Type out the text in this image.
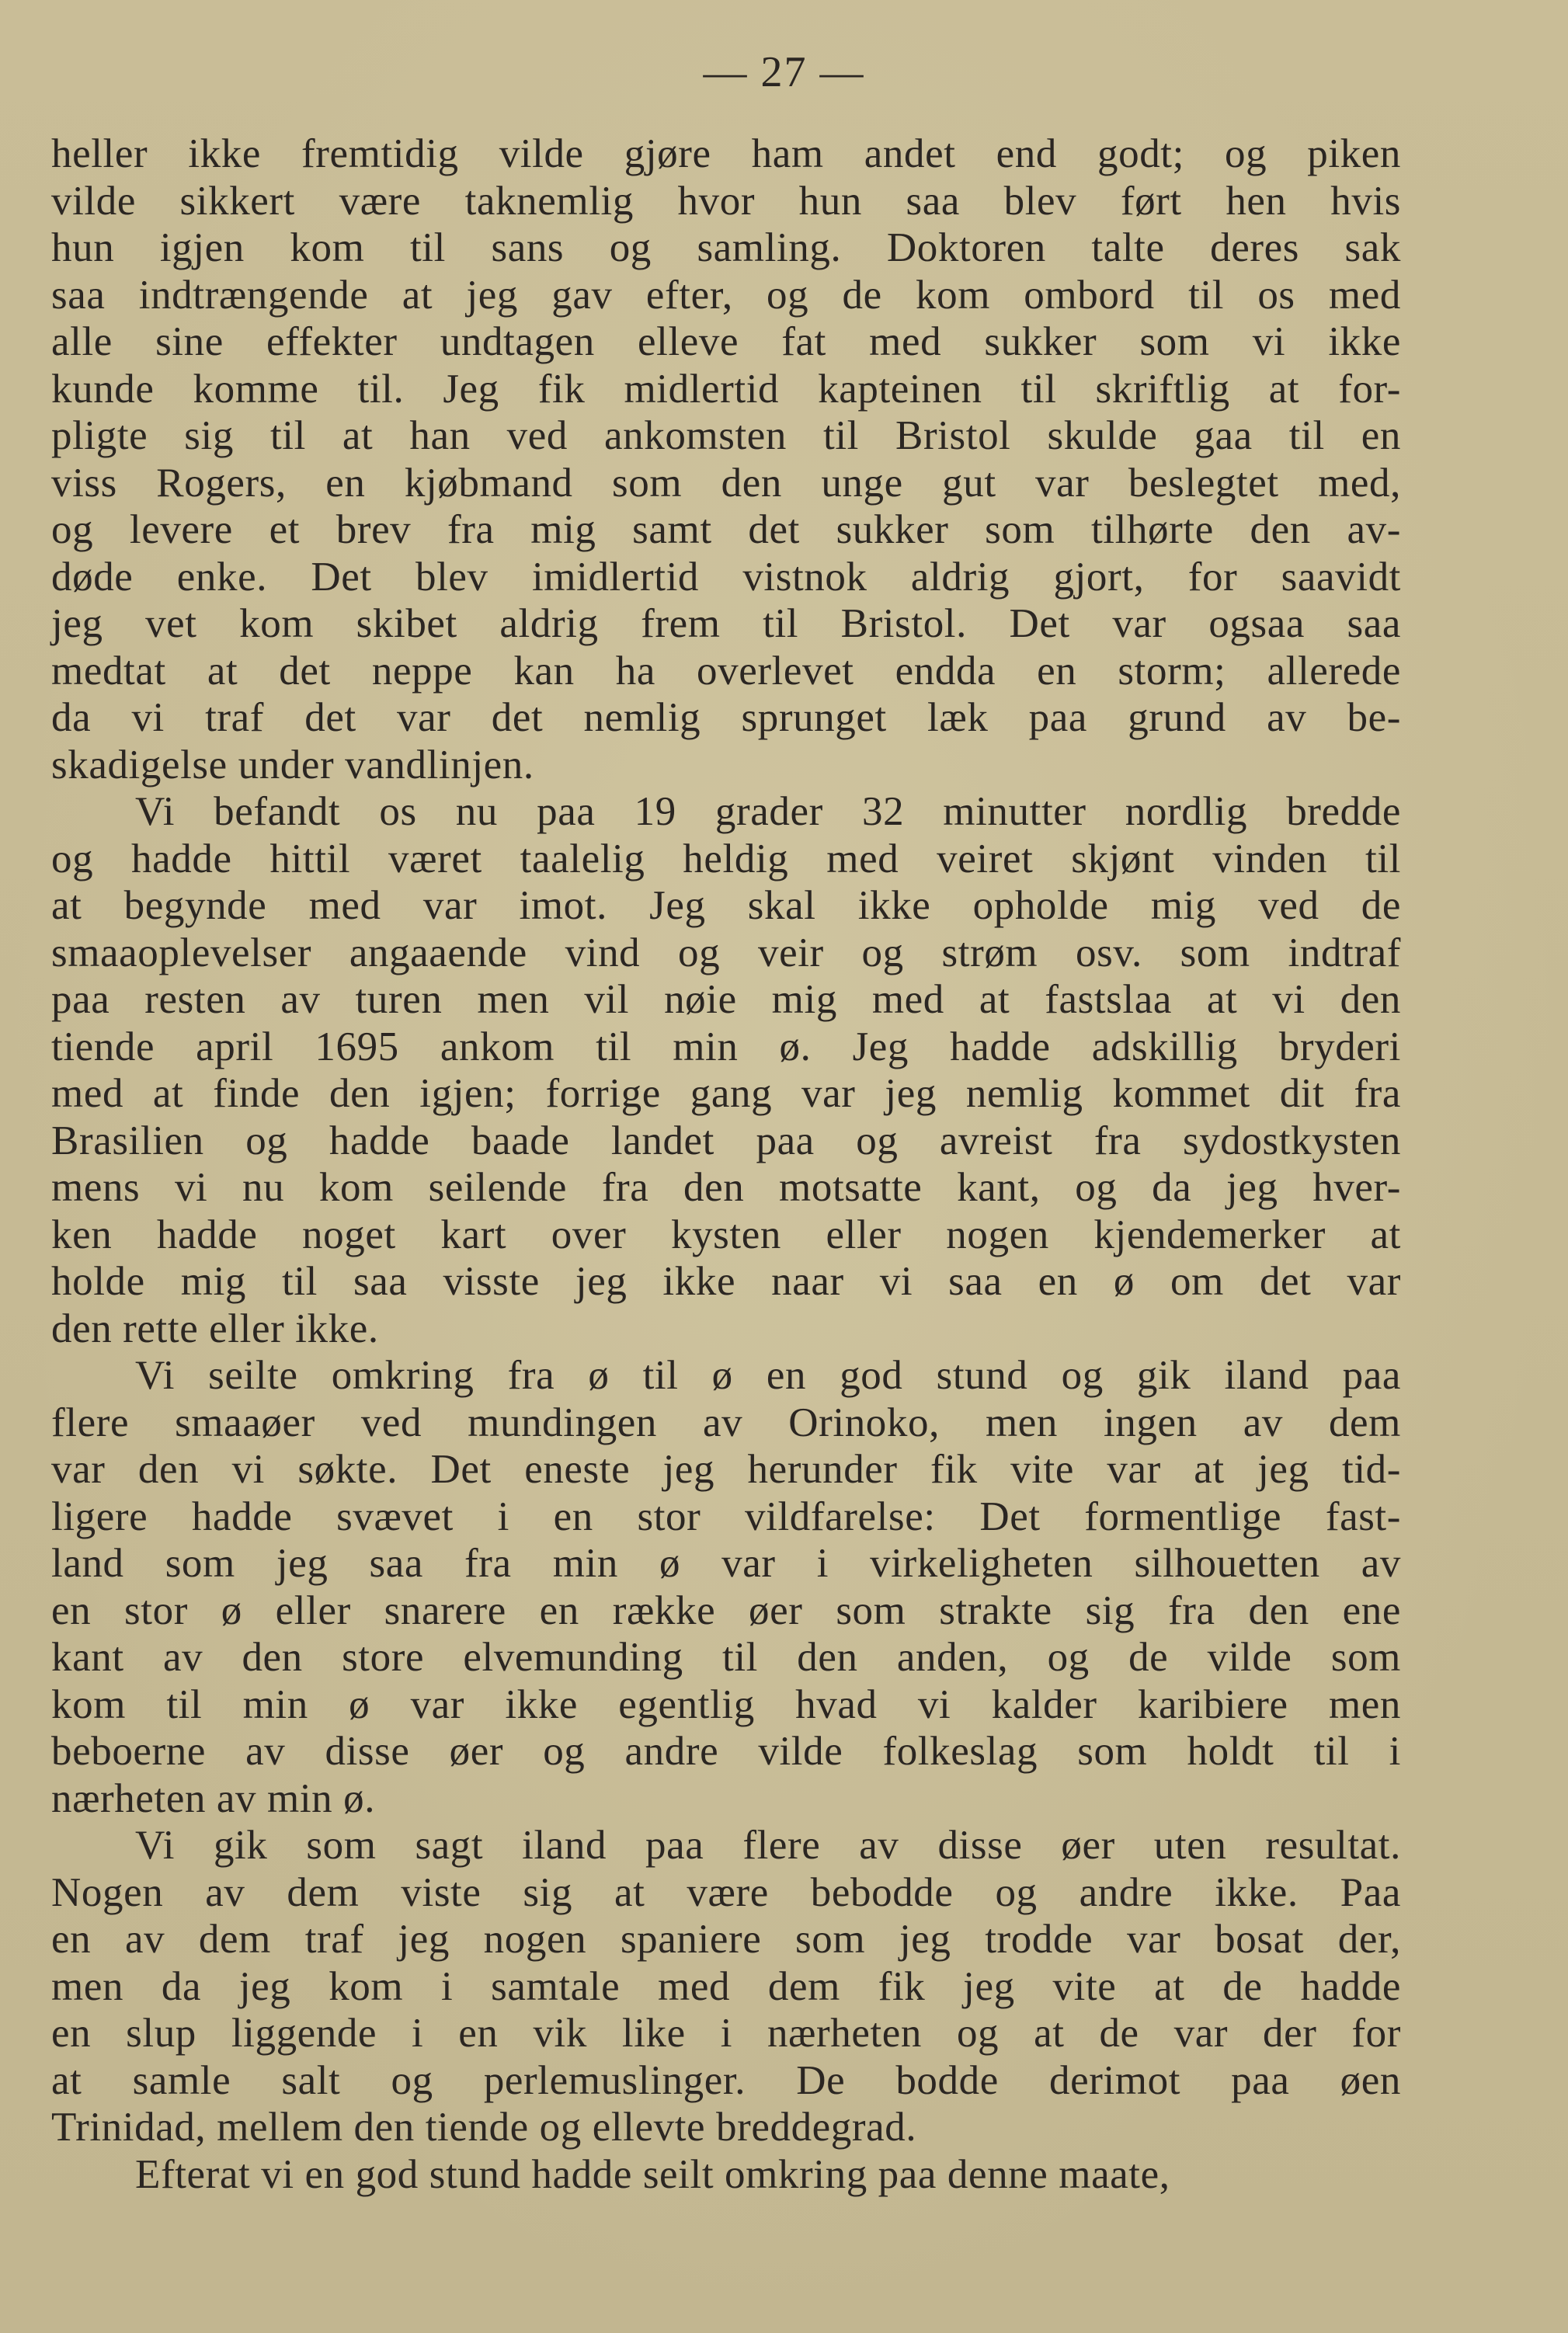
— 27 —
heller ikke fremtidig vilde gjøre ham andet end godt; og piken
vilde sikkert være taknemlig hvor hun saa blev ført hen hvis
hun igjen kom til sans og samling. Doktoren talte deres sak
saa indtrængende at jeg gav efter, og de kom ombord til os med
alle sine effekter undtagen elleve fat med sukker som vi ikke
kunde komme til. Jeg fik midlertid kapteinen til skriftlig at for-
pligte sig til at han ved ankomsten til Bristol skulde gaa til en
viss Rogers, en kjøbmand som den unge gut var beslegtet med,
og levere et brev fra mig samt det sukker som tilhørte den av-
døde enke. Det blev imidlertid vistnok aldrig gjort, for saavidt
jeg vet kom skibet aldrig frem til Bristol. Det var ogsaa saa
medtat at det neppe kan ha overlevet endda en storm; allerede
da vi traf det var det nemlig sprunget læk paa grund av be-
skadigelse under vandlinjen.
Vi befandt os nu paa 19 grader 32 minutter nordlig bredde
og hadde hittil været taalelig heldig med veiret skjønt vinden til
at begynde med var imot. Jeg skal ikke opholde mig ved de
smaaoplevelser angaaende vind og veir og strøm osv. som indtraf
paa resten av turen men vil nøie mig med at fastslaa at vi den
tiende april 1695 ankom til min ø. Jeg hadde adskillig bryderi
med at finde den igjen; forrige gang var jeg nemlig kommet dit fra
Brasilien og hadde baade landet paa og avreist fra sydostkysten
mens vi nu kom seilende fra den motsatte kant, og da jeg hver-
ken hadde noget kart over kysten eller nogen kjendemerker at
holde mig til saa visste jeg ikke naar vi saa en ø om det var
den rette eller ikke.
Vi seilte omkring fra ø til ø en god stund og gik iland paa
flere smaaøer ved mundingen av Orinoko, men ingen av dem
var den vi søkte. Det eneste jeg herunder fik vite var at jeg tid-
ligere hadde svævet i en stor vildfarelse: Det formentlige fast-
land som jeg saa fra min ø var i virkeligheten silhouetten av
en stor ø eller snarere en række øer som strakte sig fra den ene
kant av den store elvemunding til den anden, og de vilde som
kom til min ø var ikke egentlig hvad vi kalder karibiere men
beboerne av disse øer og andre vilde folkeslag som holdt til i
nærheten av min ø.
Vi gik som sagt iland paa flere av disse øer uten resultat.
Nogen av dem viste sig at være bebodde og andre ikke. Paa
en av dem traf jeg nogen spaniere som jeg trodde var bosat der,
men da jeg kom i samtale med dem fik jeg vite at de hadde
en slup liggende i en vik like i nærheten og at de var der for
at samle salt og perlemuslinger. De bodde derimot paa øen
Trinidad, mellem den tiende og ellevte breddegrad.
Efterat vi en god stund hadde seilt omkring paa denne maate,
